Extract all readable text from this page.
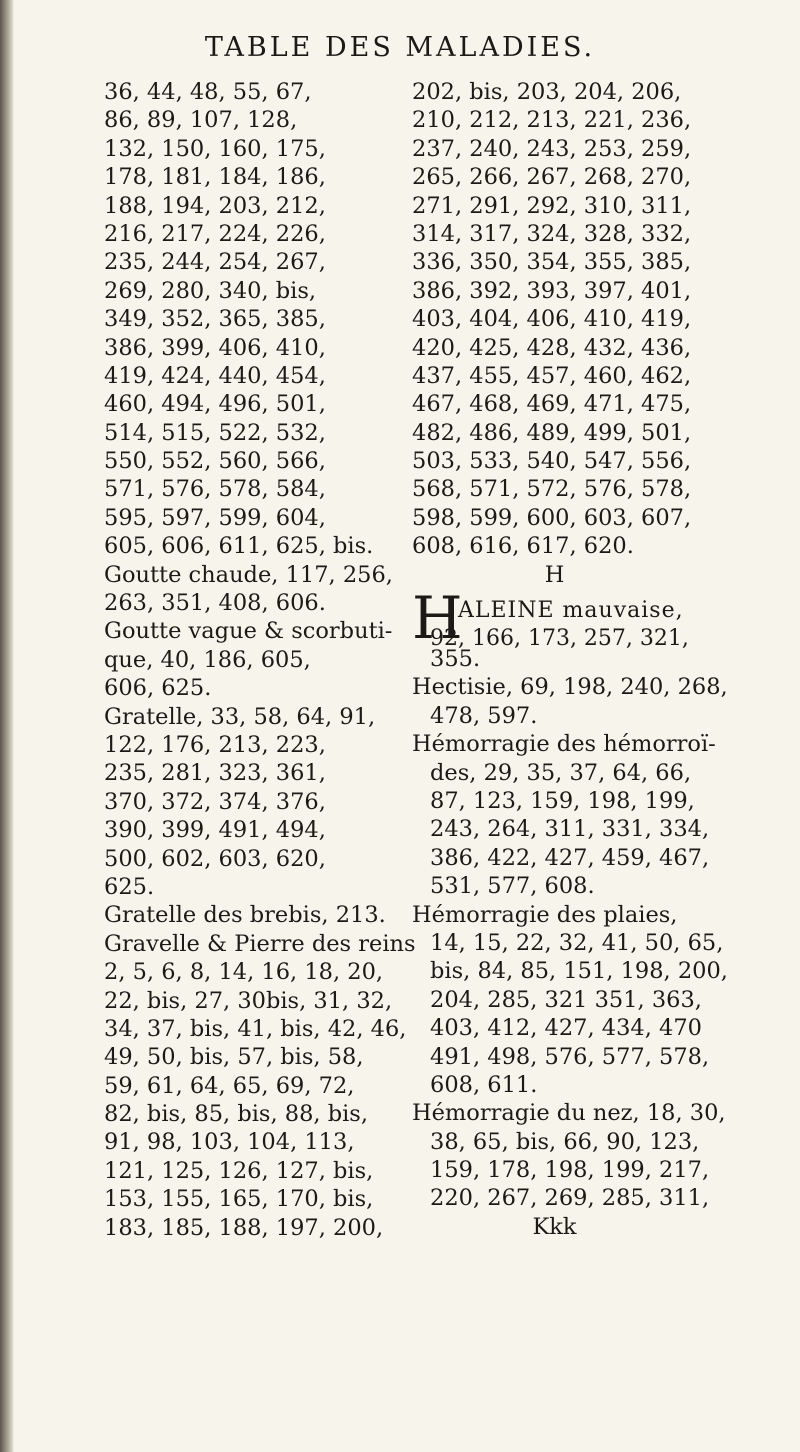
TABLE DES MALADIES.
36, 44, 48, 55, 67,
86, 89, 107, 128,
132, 150, 160, 175,
178, 181, 184, 186,
188, 194, 203, 212,
216, 217, 224, 226,
235, 244, 254, 267,
269, 280, 340, bis,
349, 352, 365, 385,
386, 399, 406, 410,
419, 424, 440, 454,
460, 494, 496, 501,
514, 515, 522, 532,
550, 552, 560, 566,
571, 576, 578, 584,
595, 597, 599, 604,
605, 606, 611, 625, bis.
Goutte chaude, 117, 256,
263, 351, 408, 606.
Goutte vague & scorbuti-
que, 40, 186, 605,
606, 625.
Gratelle, 33, 58, 64, 91,
122, 176, 213, 223,
235, 281, 323, 361,
370, 372, 374, 376,
390, 399, 491, 494,
500, 602, 603, 620,
625.
Gratelle des brebis, 213.
Gravelle & Pierre des reins
2, 5, 6, 8, 14, 16, 18, 20,
22, bis, 27, 30bis, 31, 32,
34, 37, bis, 41, bis, 42, 46,
49, 50, bis, 57, bis, 58,
59, 61, 64, 65, 69, 72,
82, bis, 85, bis, 88, bis,
91, 98, 103, 104, 113,
121, 125, 126, 127, bis,
153, 155, 165, 170, bis,
183, 185, 188, 197, 200,
202, bis, 203, 204, 206,
210, 212, 213, 221, 236,
237, 240, 243, 253, 259,
265, 266, 267, 268, 270,
271, 291, 292, 310, 311,
314, 317, 324, 328, 332,
336, 350, 354, 355, 385,
386, 392, 393, 397, 401,
403, 404, 406, 410, 419,
420, 425, 428, 432, 436,
437, 455, 457, 460, 462,
467, 468, 469, 471, 475,
482, 486, 489, 499, 501,
503, 533, 540, 547, 556,
568, 571, 572, 576, 578,
598, 599, 600, 603, 607,
608, 616, 617, 620.
H
H
ALEINE mauvaise,
92, 166, 173, 257, 321,
355.
Hectisie, 69, 198, 240, 268,
478, 597.
Hémorragie des hémorroï-
des, 29, 35, 37, 64, 66,
87, 123, 159, 198, 199,
243, 264, 311, 331, 334,
386, 422, 427, 459, 467,
531, 577, 608.
Hémorragie des plaies,
14, 15, 22, 32, 41, 50, 65,
bis, 84, 85, 151, 198, 200,
204, 285, 321 351, 363,
403, 412, 427, 434, 470
491, 498, 576, 577, 578,
608, 611.
Hémorragie du nez, 18, 30,
38, 65, bis, 66, 90, 123,
159, 178, 198, 199, 217,
220, 267, 269, 285, 311,
Kkk
